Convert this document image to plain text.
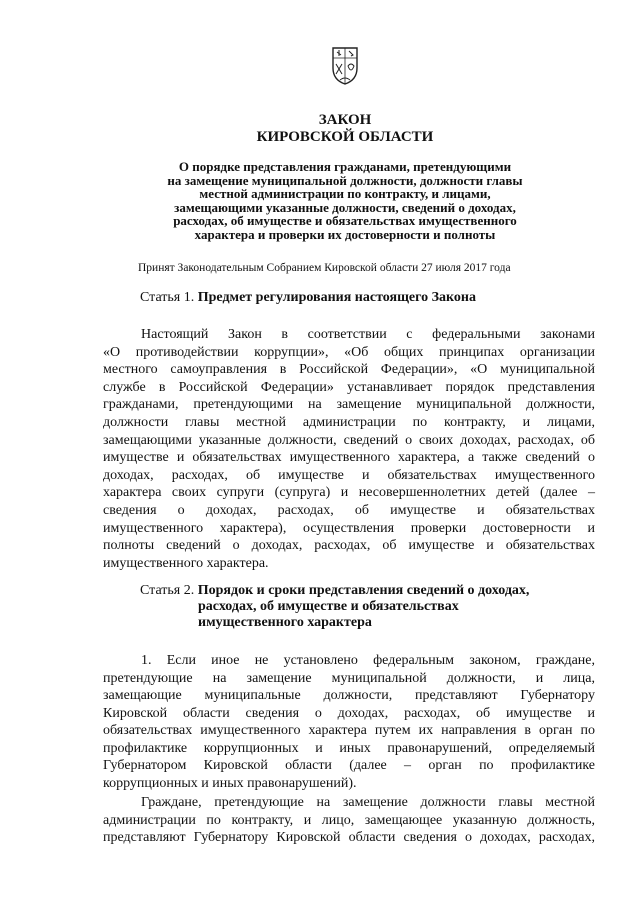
ЗАКОН
КИРОВСКОЙ ОБЛАСТИ
О порядке представления гражданами, претендующими
на замещение муниципальной должности, должности главы
местной администрации по контракту, и лицами,
замещающими указанные должности, сведений о доходах,
расходах, об имуществе и обязательствах имущественного
характера и проверки их достоверности и полноты
Принят Законодательным Собранием Кировской области 27 июля 2017 года
Статья 1. Предмет регулирования настоящего Закона
Настоящий Закон в соответствии с федеральными законами
«О противодействии коррупции», «Об общих принципах организации
местного самоуправления в Российской Федерации», «О муниципальной
службе в Российской Федерации» устанавливает порядок представления
гражданами, претендующими на замещение муниципальной должности,
должности главы местной администрации по контракту, и лицами,
замещающими указанные должности, сведений о своих доходах, расходах, об
имуществе и обязательствах имущественного характера, а также сведений о
доходах, расходах, об имуществе и обязательствах имущественного
характера своих супруги (супруга) и несовершеннолетних детей (далее –
сведения о доходах, расходах, об имуществе и обязательствах
имущественного характера), осуществления проверки достоверности и
полноты сведений о доходах, расходах, об имуществе и обязательствах
имущественного характера.
Статья 2. Порядок и сроки представления сведений о доходах,
расходах, об имуществе и обязательствах
имущественного характера
1. Если иное не установлено федеральным законом, граждане,
претендующие на замещение муниципальной должности, и лица,
замещающие муниципальные должности, представляют Губернатору
Кировской области сведения о доходах, расходах, об имуществе и
обязательствах имущественного характера путем их направления в орган по
профилактике коррупционных и иных правонарушений, определяемый
Губернатором Кировской области (далее – орган по профилактике
коррупционных и иных правонарушений).
Граждане, претендующие на замещение должности главы местной
администрации по контракту, и лицо, замещающее указанную должность,
представляют Губернатору Кировской области сведения о доходах, расходах,
